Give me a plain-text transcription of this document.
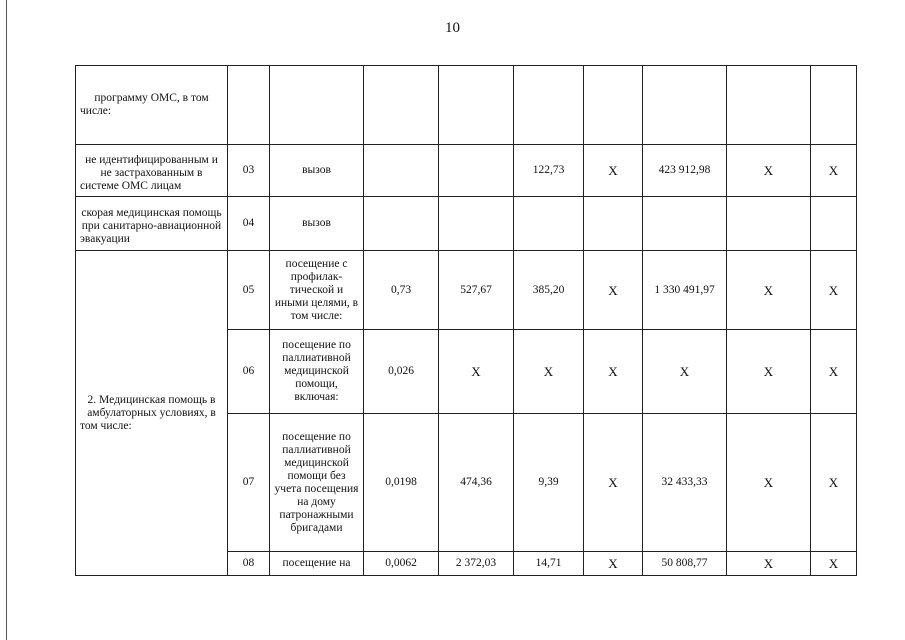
10
программу ОМС, в том числе:									
не идентифицированным и не застрахованным в системе ОМС лицам	03	вызов			122,73	X	423 912,98	X	X
скорая медицинская помощь при санитарно-авиационной эвакуации	04	вызов							
2. Медицинская помощь в амбулаторных условиях, в том числе:	05	посещение с профилак-тической и иными целями, в том числе:	0,73	527,67	385,20	X	1 330 491,97	X	X
	06	посещение по паллиативной медицинской помощи, включая:	0,026	X	X	X	X	X	X
	07	посещение по паллиативной медицинской помощи без учета посещения на дому патронажными бригадами	0,0198	474,36	9,39	X	32 433,33	X	X
	08	посещение на	0,0062	2 372,03	14,71	X	50 808,77	X	X
